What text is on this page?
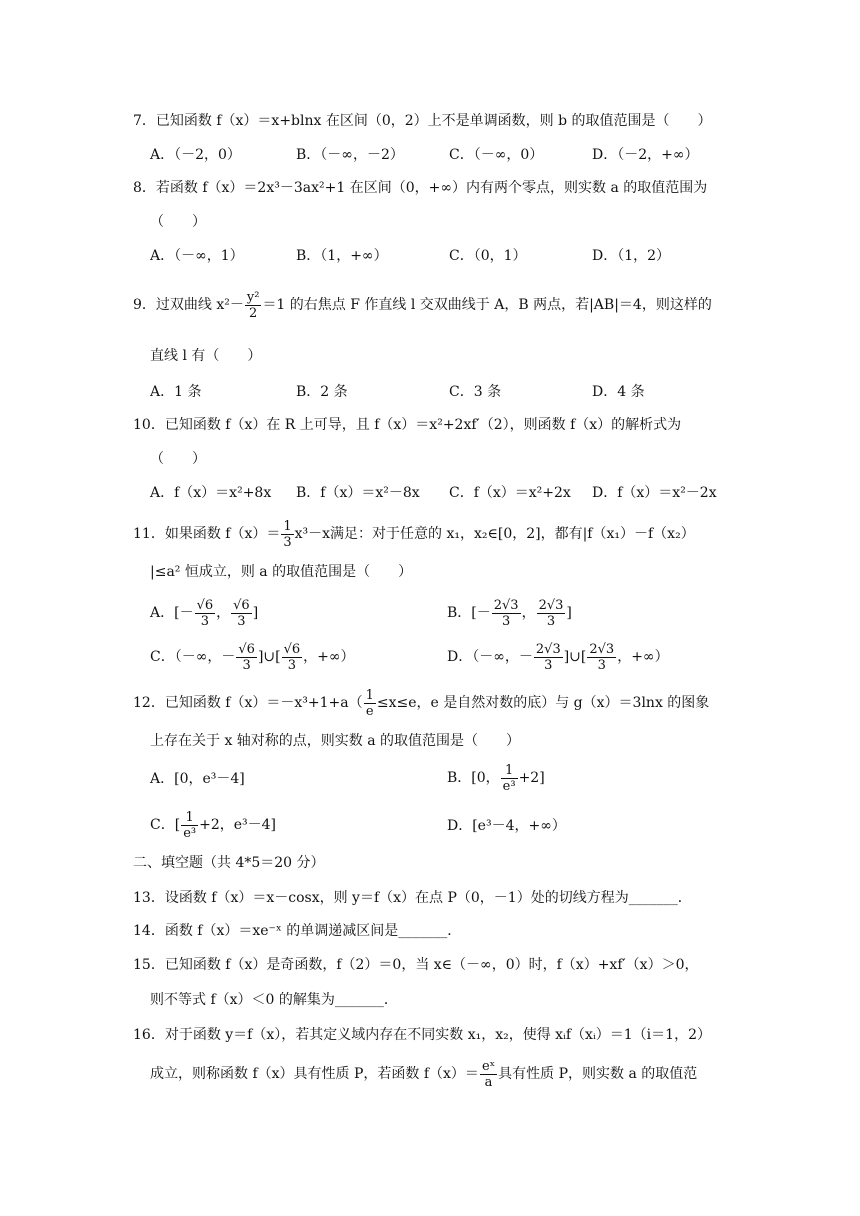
7．已知函数 f（x）＝x+blnx 在区间（0，2）上不是单调函数，则 b 的取值范围是（　　）
A．（－2，0）	B．（－∞，－2）	C．（－∞，0）	D．（－2，+∞）
8．若函数 f（x）＝2x³－3ax²+1 在区间（0，+∞）内有两个零点，则实数 a 的取值范围为
（　　）
A．（－∞，1）	B．（1，+∞）	C．（0，1）	D．（1，2）
9．过双曲线 $x^2- \frac{\text{y²}}{2} =1$ 的右焦点 F 作直线 l 交双曲线于 A，B 两点，若|AB|＝4，则这样的
直线 l 有（　　）
A．1 条	B．2 条	C．3 条	D．4 条
10．已知函数 f（x）在 R 上可导，且 f（x）＝x²+2xf′（2），则函数 f（x）的解析式为
（　　）
A．f（x）＝x²+8x B．f（x）＝x²－8x C．f（x）＝x²+2x D．f（x）＝x²－2x
11．如果函数 $f(x)= \frac{1}{3} x^3-x$满足：对于任意的 x₁，x₂∈[0，2]，都有|f（x₁）－f（x₂）
|≤a² 恒成立，则 a 的取值范围是（　　）
A．[－ $\frac{√6}{3}$ ， $\frac{√6}{3}$ ]	B．[－ $\frac{2√3}{3}$ ， $\frac{2√3}{3}$ ]
C．（－∞，－ $\frac{√6}{3}$ ]∪[ $\frac{√6}{3}$ ，+∞）	D．（－∞，－ $\frac{2√3}{3}$ ]∪[ $\frac{2√3}{3}$ ，+∞）
12．已知函数 $f(x)=-x^3+1+a( \frac{1}{e} \le x\le e$，e 是自然对数的底）与 g（x）＝3lnx 的图象
上存在关于 x 轴对称的点，则实数 a 的取值范围是（　　）
A．[0，e³－4]	B．[0， $\frac{1}{\text{e³}} +2$]
C．[ $\frac{1}{\text{e³}} +2$，e³－4]	D．[e³－4，+∞）
二、填空题（共 4*5＝20 分）
13．设函数 f（x）＝x－cosx，则 y＝f（x）在点 P（0，－1）处的切线方程为_______．
14．函数 f（x）＝xe⁻ˣ 的单调递减区间是_______．
15．已知函数 f（x）是奇函数，f（2）＝0，当 x∈（－∞，0）时，f（x）+xf′（x）＞0，
则不等式 f（x）＜0 的解集为_______．
16．对于函数 y＝f（x），若其定义域内存在不同实数 x₁，x₂，使得 xᵢf（xᵢ）＝1（i＝1，2）
成立，则称函数 f（x）具有性质 P，若函数 $f(x)= \frac{\text{eˣ}}{a}$ 具有性质 P，则实数 a 的取值范
